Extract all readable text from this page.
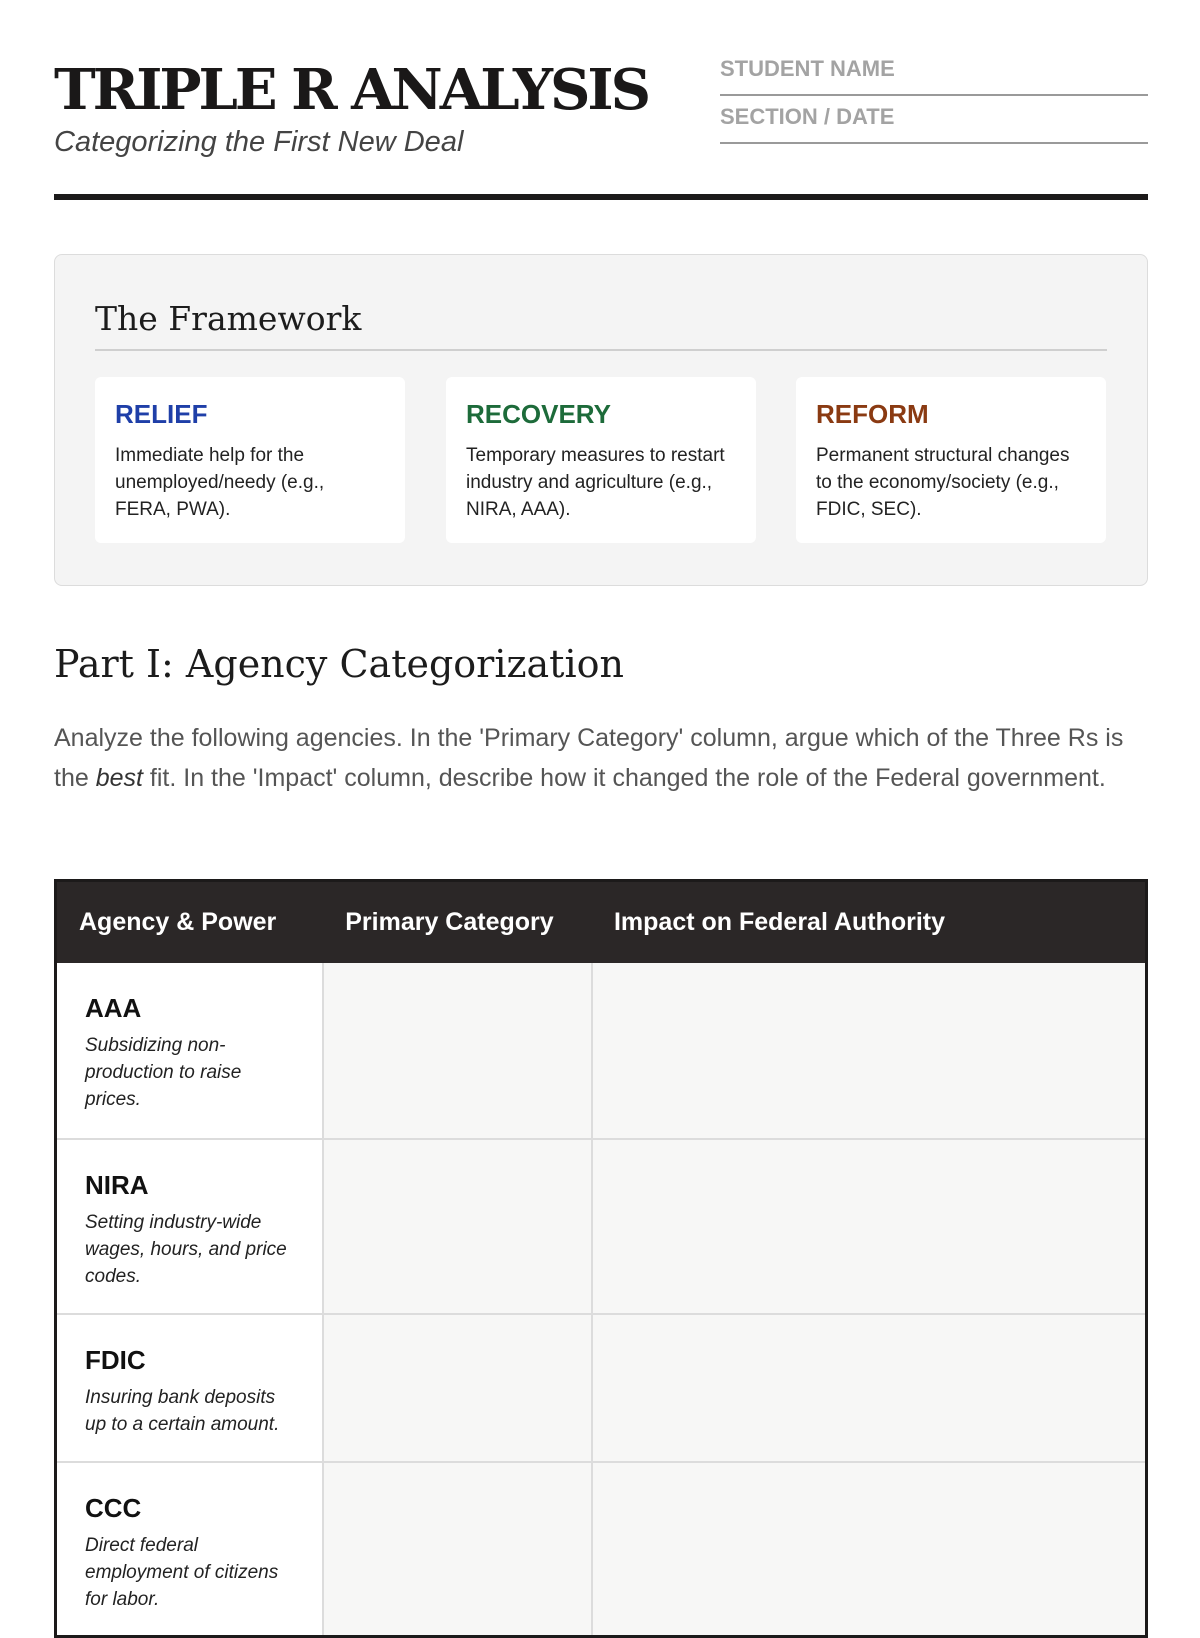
TRIPLE R ANALYSIS
Categorizing the First New Deal
STUDENT NAME
SECTION / DATE
The Framework
RELIEF
Immediate help for the unemployed/needy (e.g., FERA, PWA).
RECOVERY
Temporary measures to restart industry and agriculture (e.g., NIRA, AAA).
REFORM
Permanent structural changes to the economy/society (e.g., FDIC, SEC).
Part I: Agency Categorization
Analyze the following agencies. In the 'Primary Category' column, argue which of the Three Rs is the best fit. In the 'Impact' column, describe how it changed the role of the Federal government.
Agency & Power	Primary Category	Impact on Federal Authority

AAA
Subsidizing non-production to raise prices.		

NIRA
Setting industry-wide wages, hours, and price codes.		

FDIC
Insuring bank deposits up to a certain amount.		

CCC
Direct federal employment of citizens for labor.		
